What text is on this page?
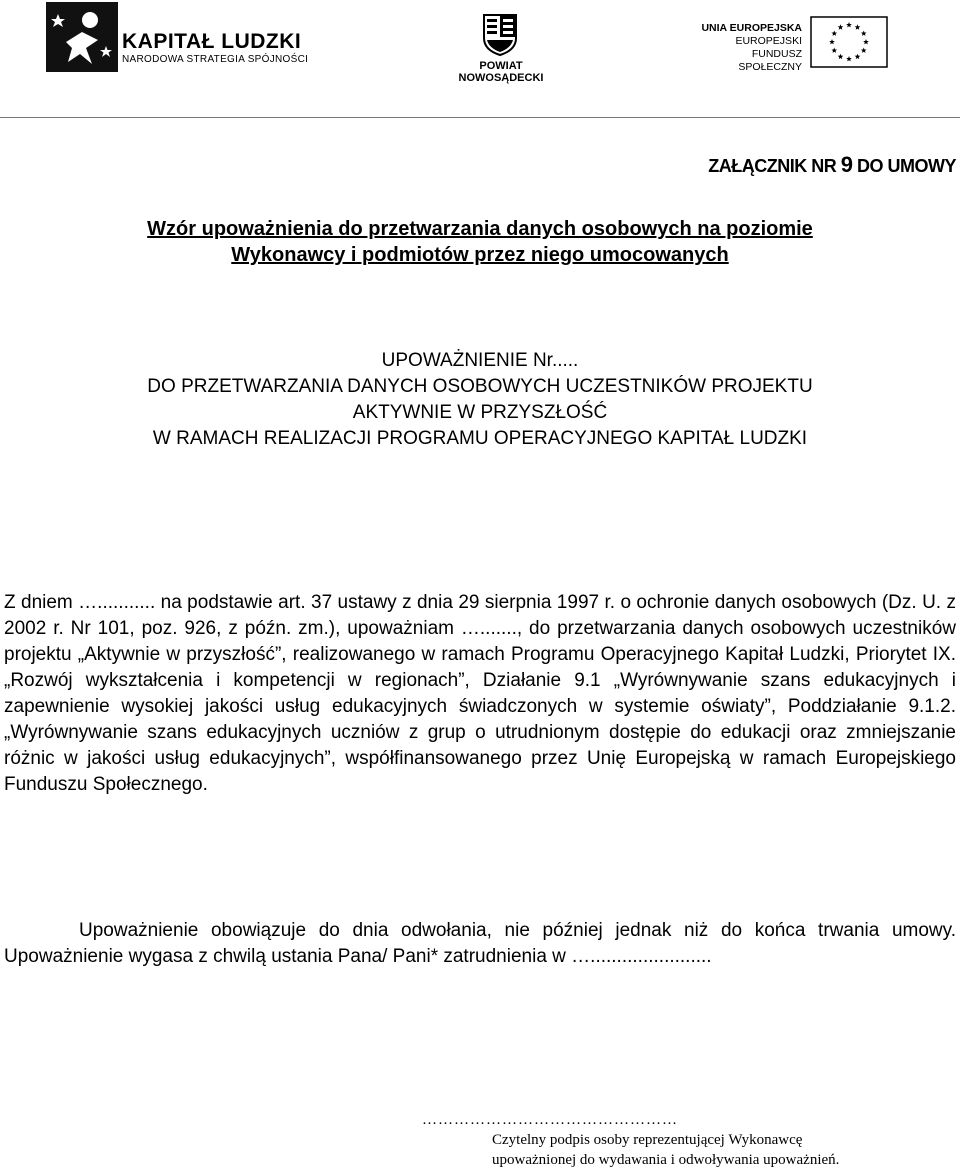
KAPITAŁ LUDZKI
NARODOWA STRATEGIA SPÓJNOŚCI
POWIAT NOWOSĄDECKI
UNIA EUROPEJSKA
EUROPEJSKI
FUNDUSZ SPOŁECZNY
ZAŁĄCZNIK NR 9 DO UMOWY
Wzór upoważnienia do przetwarzania danych osobowych na poziomie
Wykonawcy i podmiotów przez niego umocowanych
UPOWAŻNIENIE Nr.....
DO PRZETWARZANIA DANYCH OSOBOWYCH UCZESTNIKÓW PROJEKTU
AKTYWNIE W PRZYSZŁOŚĆ
W RAMACH REALIZACJI PROGRAMU OPERACYJNEGO KAPITAŁ LUDZKI
Z dniem …........... na podstawie art. 37 ustawy z dnia 29 sierpnia 1997 r. o ochronie danych osobowych (Dz. U. z 2002 r. Nr 101, poz. 926, z późn. zm.), upoważniam …......., do przetwarzania danych osobowych uczestników projektu „Aktywnie w przyszłość”, realizowanego w ramach Programu Operacyjnego Kapitał Ludzki, Priorytet IX. „Rozwój wykształcenia i kompetencji w regionach”, Działanie 9.1 „Wyrównywanie szans edukacyjnych i zapewnienie wysokiej jakości usług edukacyjnych świadczonych w systemie oświaty”, Poddziałanie 9.1.2. „Wyrównywanie szans edukacyjnych uczniów z grup o utrudnionym dostępie do edukacji oraz zmniejszanie różnic w jakości usług edukacyjnych”, współfinansowanego przez Unię Europejską w ramach Europejskiego Funduszu Społecznego.
Upoważnienie obowiązuje do dnia odwołania, nie później jednak niż do końca trwania umowy. Upoważnienie wygasa z chwilą ustania Pana/ Pani* zatrudnienia w ….......................
…………………………………………
Czytelny podpis osoby reprezentującej Wykonawcę
upoważnionej do wydawania i odwoływania upoważnień.
